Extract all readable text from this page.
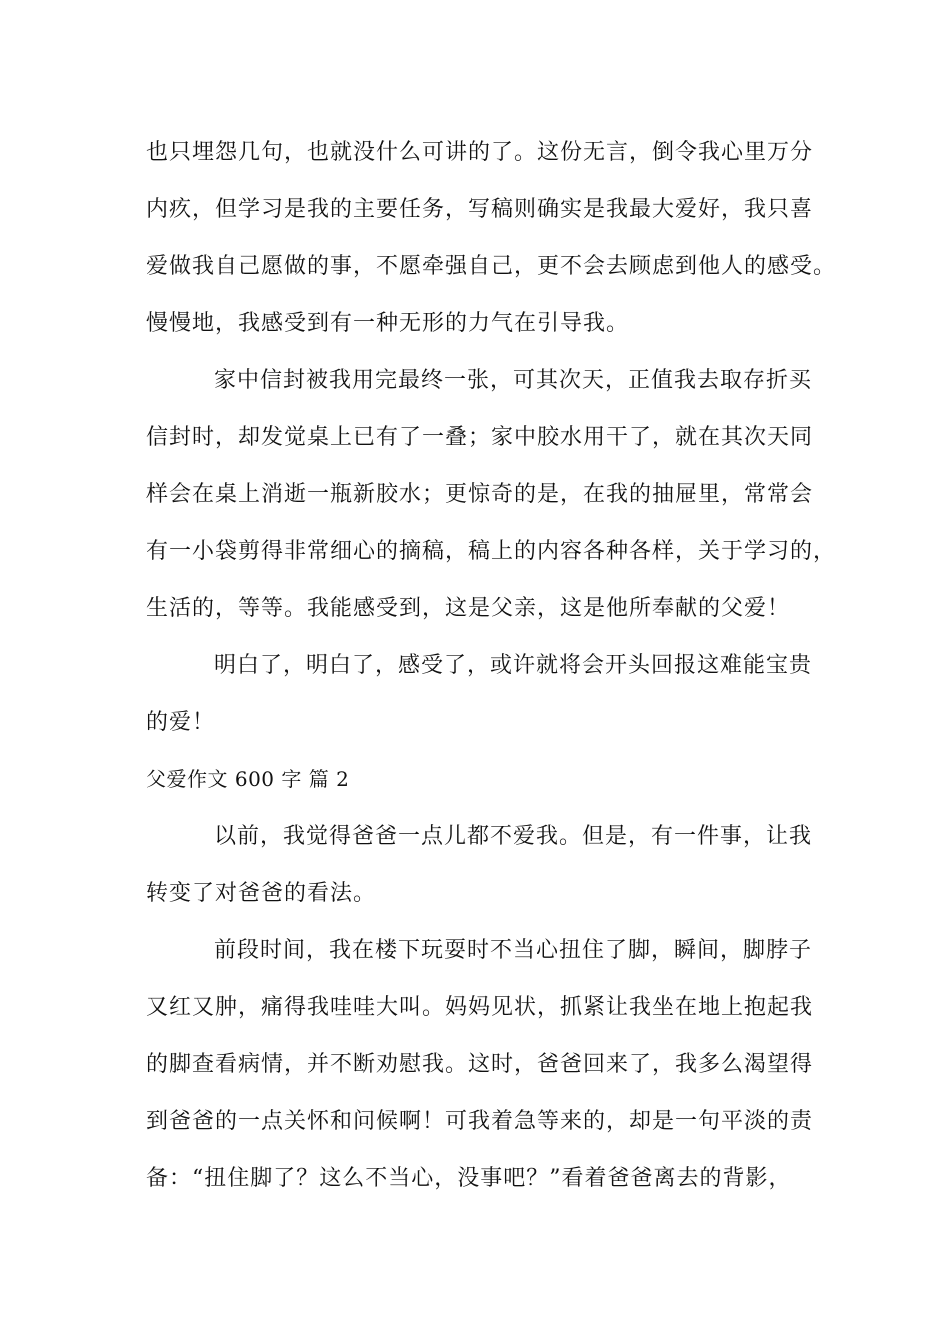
也只埋怨几句，也就没什么可讲的了。这份无言，倒令我心里万分
内疚，但学习是我的主要任务，写稿则确实是我最大爱好，我只喜
爱做我自己愿做的事，不愿牵强自己，更不会去顾虑到他人的感受。
慢慢地，我感受到有一种无形的力气在引导我。
家中信封被我用完最终一张，可其次天，正值我去取存折买
信封时，却发觉桌上已有了一叠；家中胶水用干了，就在其次天同
样会在桌上消逝一瓶新胶水；更惊奇的是，在我的抽屉里，常常会
有一小袋剪得非常细心的摘稿，稿上的内容各种各样，关于学习的，
生活的，等等。我能感受到，这是父亲，这是他所奉献的父爱！
明白了，明白了，感受了，或许就将会开头回报这难能宝贵
的爱！
父爱作文 600 字 篇 2
以前，我觉得爸爸一点儿都不爱我。但是，有一件事，让我
转变了对爸爸的看法。
前段时间，我在楼下玩耍时不当心扭住了脚，瞬间，脚脖子
又红又肿，痛得我哇哇大叫。妈妈见状，抓紧让我坐在地上抱起我
的脚查看病情，并不断劝慰我。这时，爸爸回来了，我多么渴望得
到爸爸的一点关怀和问候啊！可我着急等来的，却是一句平淡的责
备：“扭住脚了？这么不当心，没事吧？”看着爸爸离去的背影，
